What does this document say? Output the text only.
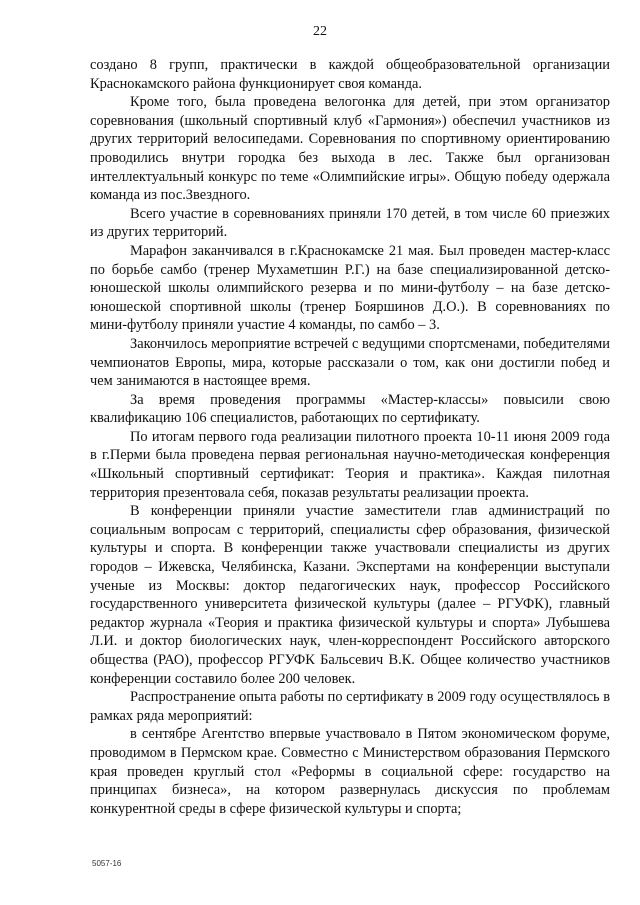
22

создано 8 групп, практически в каждой общеобразовательной организации Краснокамского района функционирует своя команда.

Кроме того, была проведена велогонка для детей, при этом организатор соревнования (школьный спортивный клуб «Гармония») обеспечил участников из других территорий велосипедами. Соревнования по спортивному ориентированию проводились внутри городка без выхода в лес. Также был организован интеллектуальный конкурс по теме «Олимпийские игры». Общую победу одержала команда из пос.Звездного.

Всего участие в соревнованиях приняли 170 детей, в том числе 60 приезжих из других территорий.

Марафон заканчивался в г.Краснокамске 21 мая. Был проведен мастер-класс по борьбе самбо (тренер Мухаметшин Р.Г.) на базе специализированной детско-юношеской школы олимпийского резерва и по мини-футболу – на базе детско-юношеской спортивной школы (тренер Бояршинов Д.О.). В соревнованиях по мини-футболу приняли участие 4 команды, по самбо – 3.

Закончилось мероприятие встречей с ведущими спортсменами, победителями чемпионатов Европы, мира, которые рассказали о том, как они достигли побед и чем занимаются в настоящее время.

За время проведения программы «Мастер-классы» повысили свою квалификацию 106 специалистов, работающих по сертификату.

По итогам первого года реализации пилотного проекта 10-11 июня 2009 года в г.Перми была проведена первая региональная научно-методическая конференция «Школьный спортивный сертификат: Теория и практика». Каждая пилотная территория презентовала себя, показав результаты реализации проекта.

В конференции приняли участие заместители глав администраций по социальным вопросам с территорий, специалисты сфер образования, физической культуры и спорта. В конференции также участвовали специалисты из других городов – Ижевска, Челябинска, Казани. Экспертами на конференции выступали ученые из Москвы: доктор педагогических наук, профессор Российского государственного университета физической культуры (далее – РГУФК), главный редактор журнала «Теория и практика физической культуры и спорта» Лубышева Л.И. и доктор биологических наук, член-корреспондент Российского авторского общества (РАО), профессор РГУФК Бальсевич В.К. Общее количество участников конференции составило более 200 человек.

Распространение опыта работы по сертификату в 2009 году осуществлялось в рамках ряда мероприятий:

в сентябре Агентство впервые участвовало в Пятом экономическом форуме, проводимом в Пермском крае. Совместно с Министерством образования Пермского края проведен круглый стол «Реформы в социальной сфере: государство на принципах бизнеса», на котором развернулась дискуссия по проблемам конкурентной среды в сфере физической культуры и спорта;

5057-16
